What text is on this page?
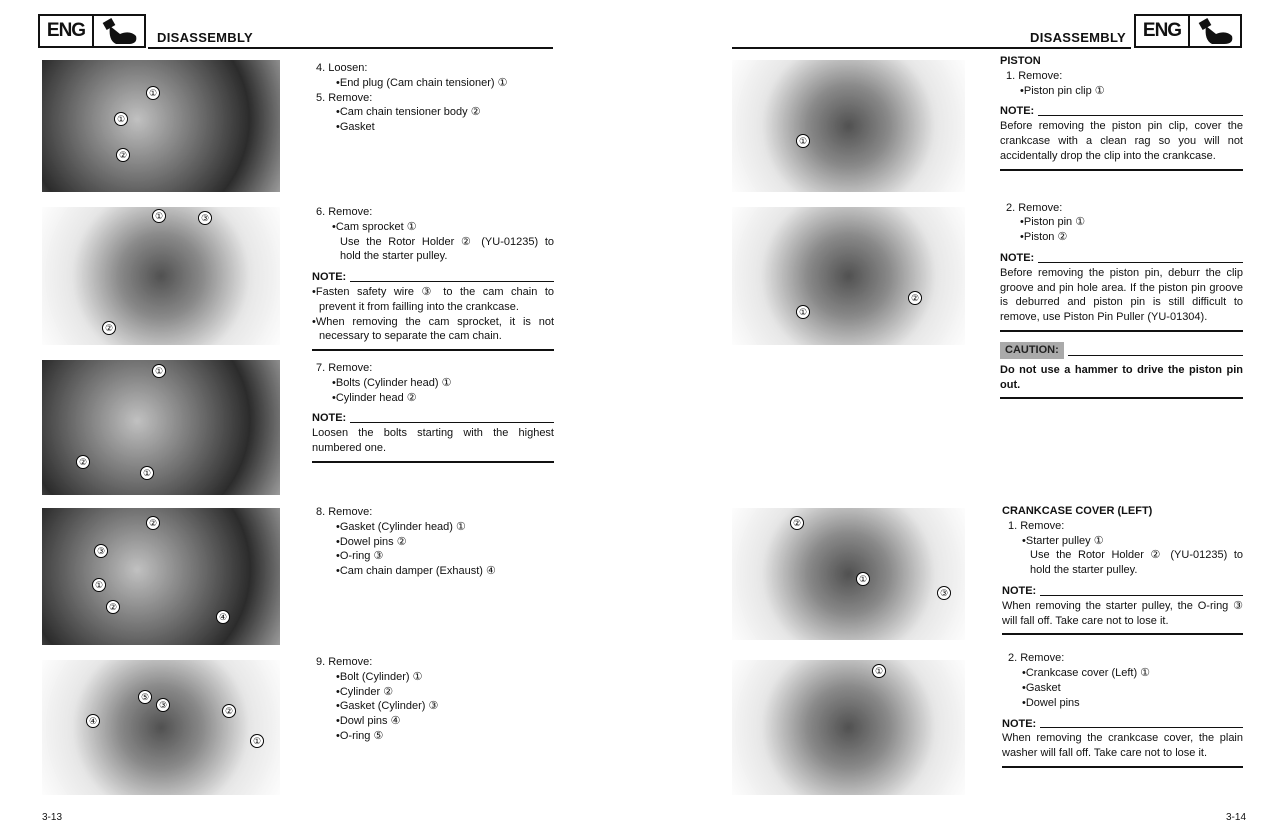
ENG	DISASSEMBLY
①
①
②
①	③
②
①
②
①
②
③
①
②
④
⑤
③
④
②
①
4. Loosen:
•End plug (Cam chain tensioner) ①
5. Remove:
•Cam chain tensioner body ②
•Gasket
6. Remove:
•Cam sprocket ①
Use the Rotor Holder ② (YU-01235) to
hold the starter pulley.
NOTE:
•Fasten safety wire ③ to the cam chain to
prevent it from failling into the crankcase.
•When removing the cam sprocket, it is not
necessary to separate the cam chain.
7. Remove:
•Bolts (Cylinder head) ①
•Cylinder head ②
NOTE:
Loosen the bolts starting with the highest
numbered one.
8. Remove:
•Gasket (Cylinder head) ①
•Dowel pins ②
•O-ring ③
•Cam chain damper (Exhaust) ④
9. Remove:
•Bolt (Cylinder) ①
•Cylinder ②
•Gasket (Cylinder) ③
•Dowl pins ④
•O-ring ⑤
3-13
DISASSEMBLY ENG
①
②
①
②
①
③
①
PISTON
1. Remove:
•Piston pin clip ①
NOTE:
Before removing the piston pin clip, cover the crankcase with a clean rag so you will not accidentally drop the clip into the crankcase.
2. Remove:
•Piston pin ①
•Piston ②
NOTE:
Before removing the piston pin, deburr the clip groove and pin hole area. If the piston pin groove is deburred and piston pin is still difficult to remove, use Piston Pin Puller (YU-01304).
CAUTION:
Do not use a hammer to drive the piston pin out.
CRANKCASE COVER (LEFT)
1. Remove:
•Starter pulley ①
Use the Rotor Holder ② (YU-01235) to
hold the starter pulley.
NOTE:
When removing the starter pulley, the O-ring ③ will fall off. Take care not to lose it.
2. Remove:
•Crankcase cover (Left) ①
•Gasket
•Dowel pins
NOTE:
When removing the crankcase cover, the plain washer will fall off. Take care not to lose it.
3-14
